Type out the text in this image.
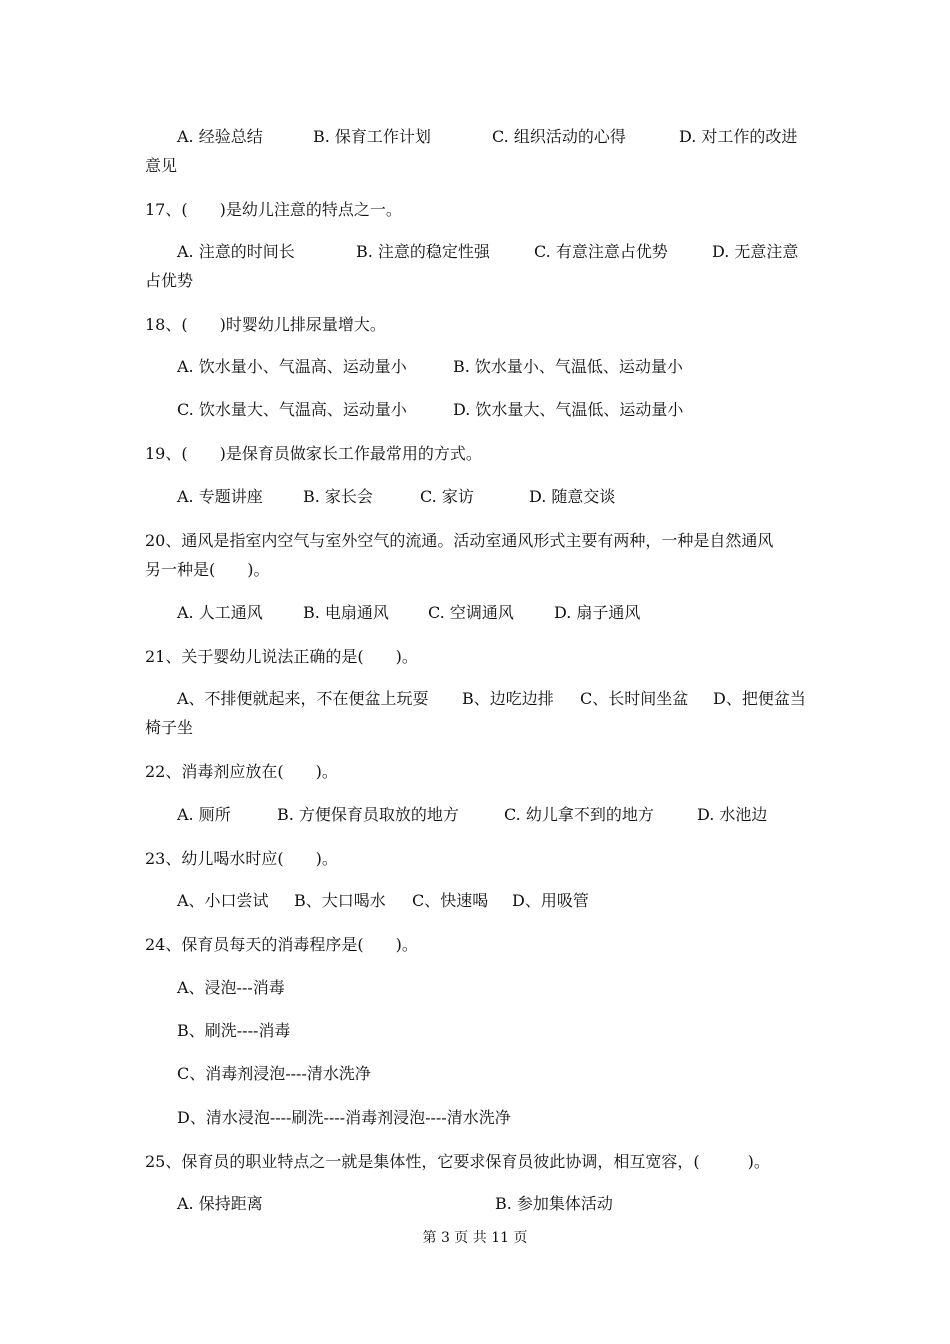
A. 经验总结	B. 保育工作计划	C. 组织活动的心得	D. 对工作的改进
意见
17、(　　)是幼儿注意的特点之一。
A. 注意的时间长	B. 注意的稳定性强	C. 有意注意占优势	D. 无意注意
占优势
18、(　　)时婴幼儿排尿量增大。
A. 饮水量小、气温高、运动量小	B. 饮水量小、气温低、运动量小
C. 饮水量大、气温高、运动量小	D. 饮水量大、气温低、运动量小
19、(　　)是保育员做家长工作最常用的方式。
A. 专题讲座	B. 家长会	C. 家访	D. 随意交谈
20、通风是指室内空气与室外空气的流通。活动室通风形式主要有两种，一种是自然通风
另一种是(　　)。
A. 人工通风	B. 电扇通风 C. 空调通风	D. 扇子通风
21、关于婴幼儿说法正确的是(　　)。
A、不排便就起来，不在便盆上玩耍 B、边吃边排 C、长时间坐盆 D、把便盆当
椅子坐
22、消毒剂应放在(　　)。
A. 厕所	B. 方便保育员取放的地方	C. 幼儿拿不到的地方	D. 水池边
23、幼儿喝水时应(　　)。
A、小口尝试 B、大口喝水 C、快速喝 D、用吸管
24、保育员每天的消毒程序是(　　)。
A、浸泡---消毒
B、刷洗----消毒
C、消毒剂浸泡----清水洗净
D、清水浸泡----刷洗----消毒剂浸泡----清水洗净
25、保育员的职业特点之一就是集体性，它要求保育员彼此协调，相互宽容，(　　　)。
A. 保持距离	B. 参加集体活动
第 3 页 共 11 页
